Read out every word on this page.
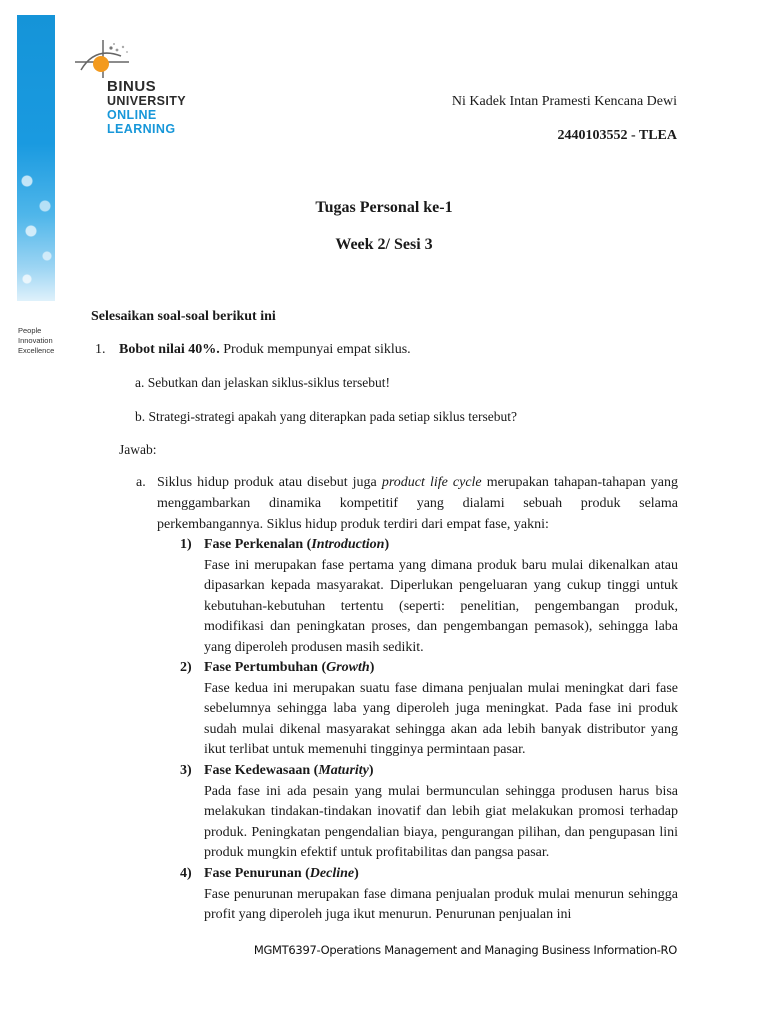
People
Innovation
Excellence
BINUS
UNIVERSITY
ONLINE
LEARNING
Ni Kadek Intan Pramesti Kencana Dewi
2440103552 - TLEA
Tugas Personal ke-1
Week 2/ Sesi 3
Selesaikan soal-soal berikut ini
1. Bobot nilai 40%. Produk mempunyai empat siklus.
a. Sebutkan dan jelaskan siklus-siklus tersebut!
b. Strategi-strategi apakah yang diterapkan pada setiap siklus tersebut?
Jawab:
a. Siklus hidup produk atau disebut juga product life cycle merupakan tahapan-tahapan yang menggambarkan dinamika kompetitif yang dialami sebuah produk selama perkembangannya. Siklus hidup produk terdiri dari empat fase, yakni:
1) Fase Perkenalan (Introduction)
Fase ini merupakan fase pertama yang dimana produk baru mulai dikenalkan atau dipasarkan kepada masyarakat. Diperlukan pengeluaran yang cukup tinggi untuk kebutuhan-kebutuhan tertentu (seperti: penelitian, pengembangan produk, modifikasi dan peningkatan proses, dan pengembangan pemasok), sehingga laba yang diperoleh produsen masih sedikit.
2) Fase Pertumbuhan (Growth)
Fase kedua ini merupakan suatu fase dimana penjualan mulai meningkat dari fase sebelumnya sehingga laba yang diperoleh juga meningkat. Pada fase ini produk sudah mulai dikenal masyarakat sehingga akan ada lebih banyak distributor yang ikut terlibat untuk memenuhi tingginya permintaan pasar.
3) Fase Kedewasaan (Maturity)
Pada fase ini ada pesain yang mulai bermunculan sehingga produsen harus bisa melakukan tindakan-tindakan inovatif dan lebih giat melakukan promosi terhadap produk. Peningkatan pengendalian biaya, pengurangan pilihan, dan pengupasan lini produk mungkin efektif untuk profitabilitas dan pangsa pasar.
4) Fase Penurunan (Decline)
Fase penurunan merupakan fase dimana penjualan produk mulai menurun sehingga profit yang diperoleh juga ikut menurun. Penurunan penjualan ini
MGMT6397-Operations Management and Managing Business Information-RO
